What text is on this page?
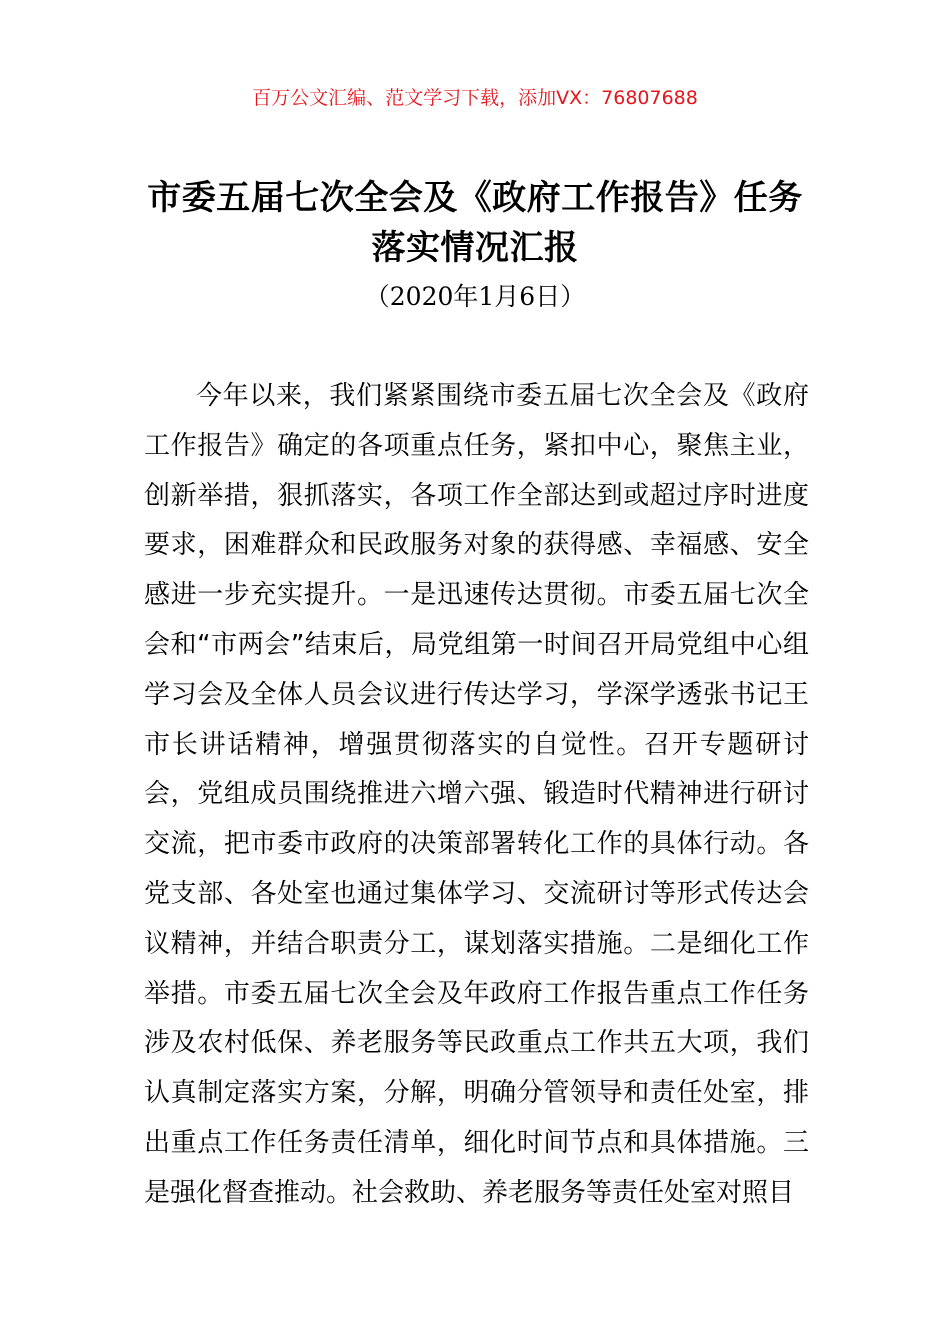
百万公文汇编、范文学习下载，添加VX：76807688
市委五届七次全会及《政府工作报告》任务落实情况汇报
（2020年1月6日）

今年以来，我们紧紧围绕市委五届七次全会及《政府工作报告》确定的各项重点任务，紧扣中心，聚焦主业，创新举措，狠抓落实，各项工作全部达到或超过序时进度要求，困难群众和民政服务对象的获得感、幸福感、安全感进一步充实提升。一是迅速传达贯彻。市委五届七次全会和“市两会”结束后，局党组第一时间召开局党组中心组学习会及全体人员会议进行传达学习，学深学透张书记王市长讲话精神，增强贯彻落实的自觉性。召开专题研讨会，党组成员围绕推进六增六强、锻造时代精神进行研讨交流，把市委市政府的决策部署转化工作的具体行动。各党支部、各处室也通过集体学习、交流研讨等形式传达会议精神，并结合职责分工，谋划落实措施。二是细化工作举措。市委五届七次全会及年政府工作报告重点工作任务涉及农村低保、养老服务等民政重点工作共五大项，我们认真制定落实方案，分解，明确分管领导和责任处室，排出重点工作任务责任清单，细化时间节点和具体措施。三是强化督查推动。社会救助、养老服务等责任处室对照目
